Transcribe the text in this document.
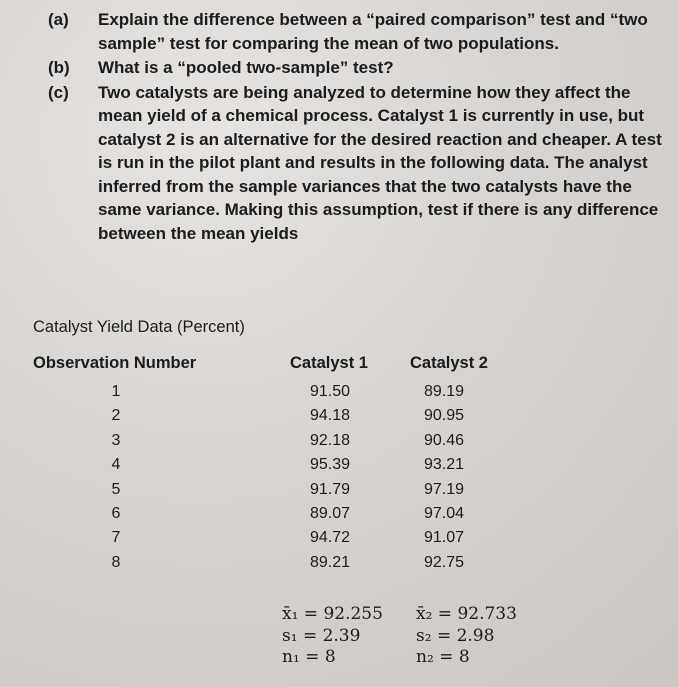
(a) Explain the difference between a “paired comparison” test and “two sample” test for comparing the mean of two populations.
(b) What is a “pooled two-sample” test?
(c) Two catalysts are being analyzed to determine how they affect the mean yield of a chemical process. Catalyst 1 is currently in use, but catalyst 2 is an alternative for the desired reaction and cheaper. A test is run in the pilot plant and results in the following data. The analyst inferred from the sample variances that the two catalysts have the same variance. Making this assumption, test if there is any difference between the mean yields
Catalyst Yield Data (Percent)
Observation Number	Catalyst 1	Catalyst 2
1
2
3
4
5
6
7
8
91.50
94.18
92.18
95.39
91.79
89.07
94.72
89.21
89.19
90.95
90.46
93.21
97.19
97.04
91.07
92.75
x̄₁ = 92.255
s₁ = 2.39
n₁ = 8
x̄₂ = 92.733
s₂ = 2.98
n₂ = 8
